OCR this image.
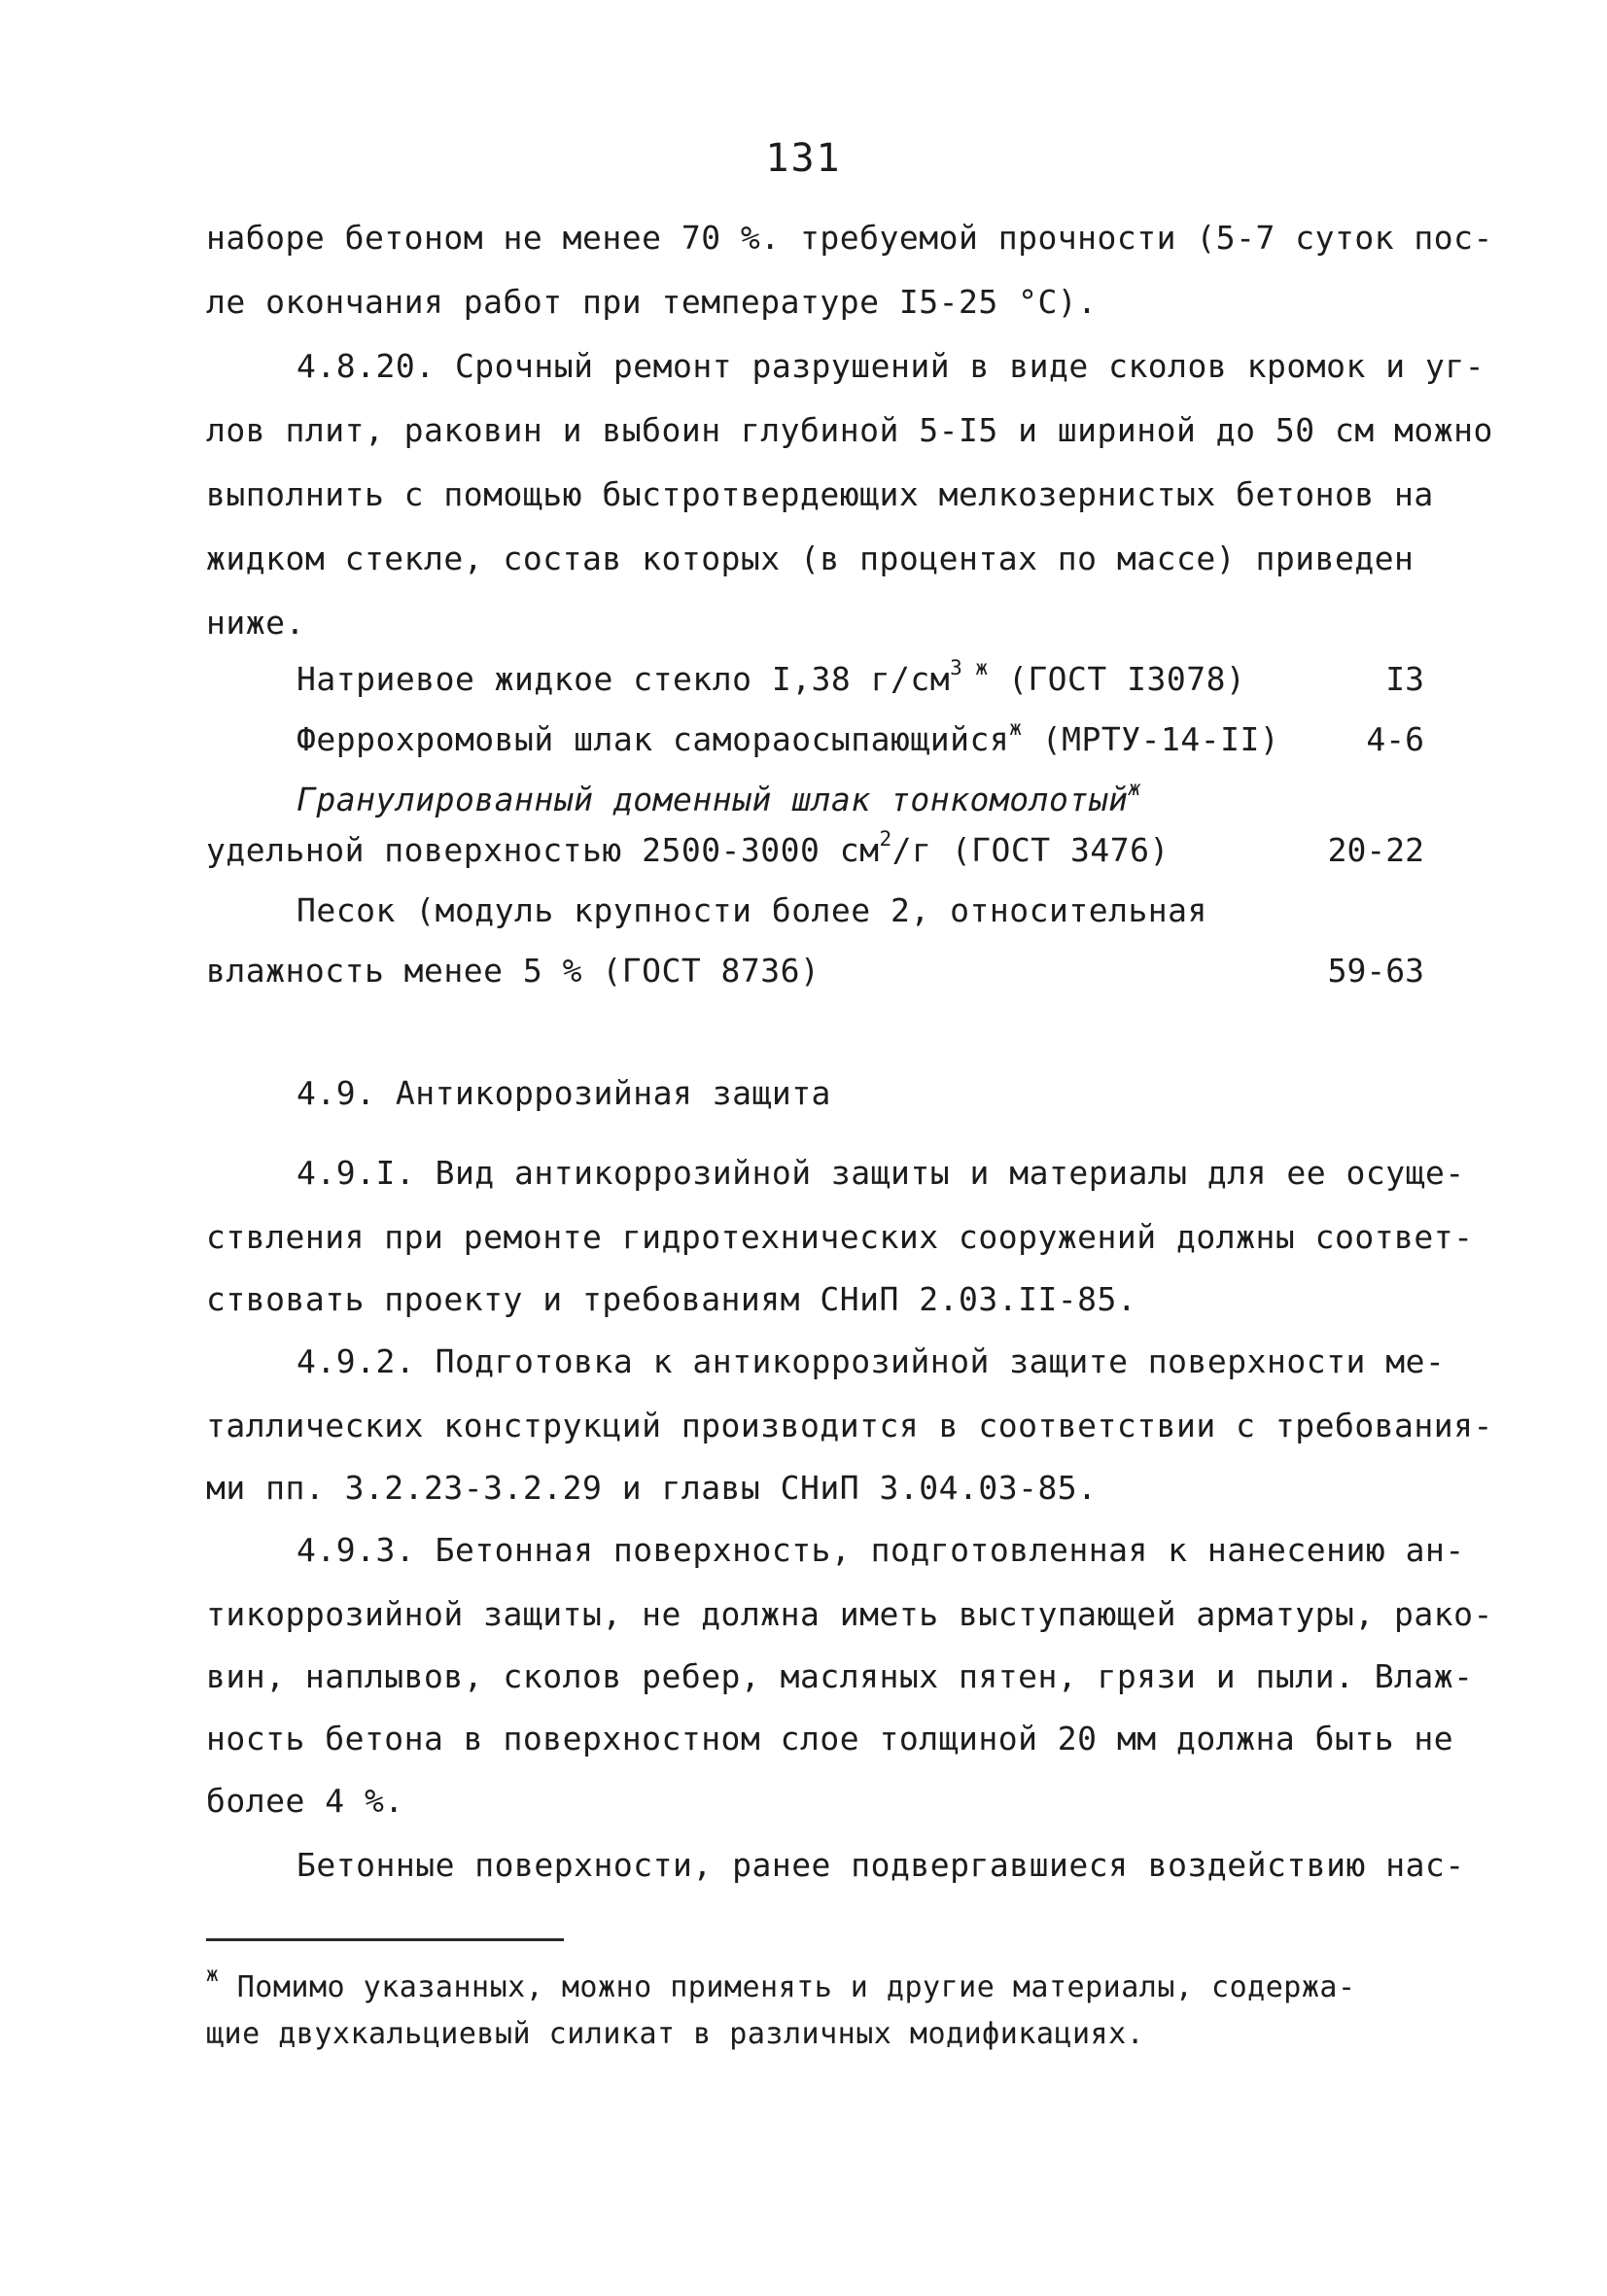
131
наборе бетоном не менее 70 %. требуемой прочности (5-7 суток пос-
ле окончания работ при температуре I5-25 °С).
4.8.20. Срочный ремонт разрушений в виде сколов кромок и уг-
лов плит, раковин и выбоин глубиной 5-I5 и шириной до 50 см можно
выполнить с помощью быстротвердеющих мелкозернистых бетонов на
жидком стекле, состав которых (в процентах по массе) приведен
ниже.
Натриевое жидкое стекло I,38 $г/см^{3 ж}$ (ГОСТ I3078)	I3
Феррохромовый шлак самораосыпающийся$^ж$ (МРТУ-14-II)	4-6
Гранулированный доменный шлак тонкомолотый$^ж$
удельной поверхностью 2500-3000 $см^2/г$ (ГОСТ 3476)	20-22
Песок (модуль крупности более 2, относительная
влажность менее 5 % (ГОСТ 8736)	59-63
4.9. Антикоррозийная защита
4.9.I. Вид антикоррозийной защиты и материалы для ее осуще-
ствления при ремонте гидротехнических сооружений должны соответ-
ствовать проекту и требованиям СНиП 2.03.II-85.
4.9.2. Подготовка к антикоррозийной защите поверхности ме-
таллических конструкций производится в соответствии с требования-
ми пп. 3.2.23-3.2.29 и главы СНиП 3.04.03-85.
4.9.3. Бетонная поверхность, подготовленная к нанесению ан-
тикоррозийной защиты, не должна иметь выступающей арматуры, рако-
вин, наплывов, сколов ребер, масляных пятен, грязи и пыли. Влаж-
ность бетона в поверхностном слое толщиной 20 мм должна быть не
более 4 %.
Бетонные поверхности, ранее подвергавшиеся воздействию нас-
$^ж$ Помимо указанных, можно применять и другие материалы, содержа-
щие двухкальциевый силикат в различных модификациях.
